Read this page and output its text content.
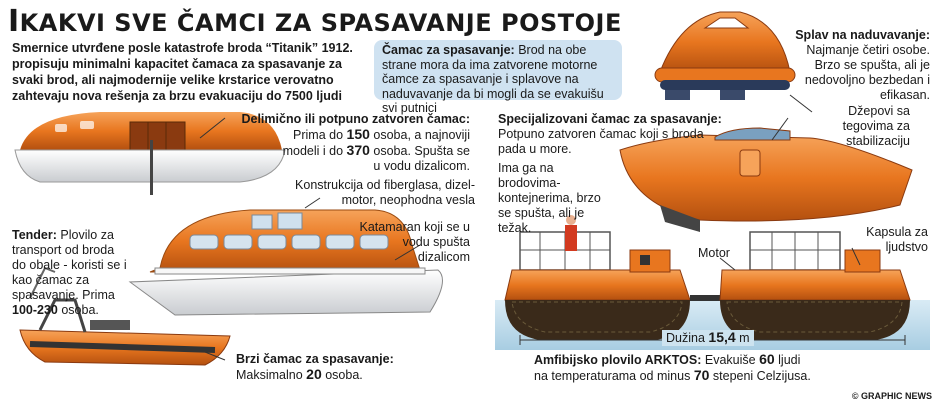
IKAKVI SVE ČAMCI ZA SPASAVANJE POSTOJE
Smernice utvrđene posle katastrofe broda “Titanik” 1912. propisuju minimalni kapacitet čamaca za spasavanje za svaki brod, ali najmodernije velike krstarice verovatno zahtevaju nova rešenja za brzu evakuaciju do 7500 ljudi
Čamac za spasavanje: Brod na obe strane mora da ima zatvorene motorne čamce za spasavanje i splavove na naduvavanje da bi mogli da se evakuišu svi putnici
Delimično ili potpuno zatvoren čamac:
Prima do 150 osoba, a najnoviji
modeli i do 370 osoba. Spušta se
u vodu dizalicom.
Konstrukcija od fiberglasa, dizel-motor, neophodna vesla
Katamaran koji se u vodu spušta dizalicom
Tender: Plovilo za transport od broda do obale - koristi se i kao čamac za spasavanje. Prima 100-230 osoba.
Brzi čamac za spasavanje:
Maksimalno 20 osoba.
Splav na naduvavanje:
Najmanje četiri osobe. Brzo se spušta, ali je nedovoljno bezbedan i efikasan.
Džepovi sa tegovima za stabilizaciju
Specijalizovani čamac za spasavanje:
Potpuno zatvoren čamac koji s broda pada u more.
Ima ga na brodovima-kontejnerima, brzo se spušta, ali je težak.
Motor
Kapsula za ljudstvo
Dužina 15,4 m
Amfibijsko plovilo ARKTOS: Evakuiše 60 ljudi
na temperaturama od minus 70 stepeni Celzijusa.
© GRAPHIC NEWS
